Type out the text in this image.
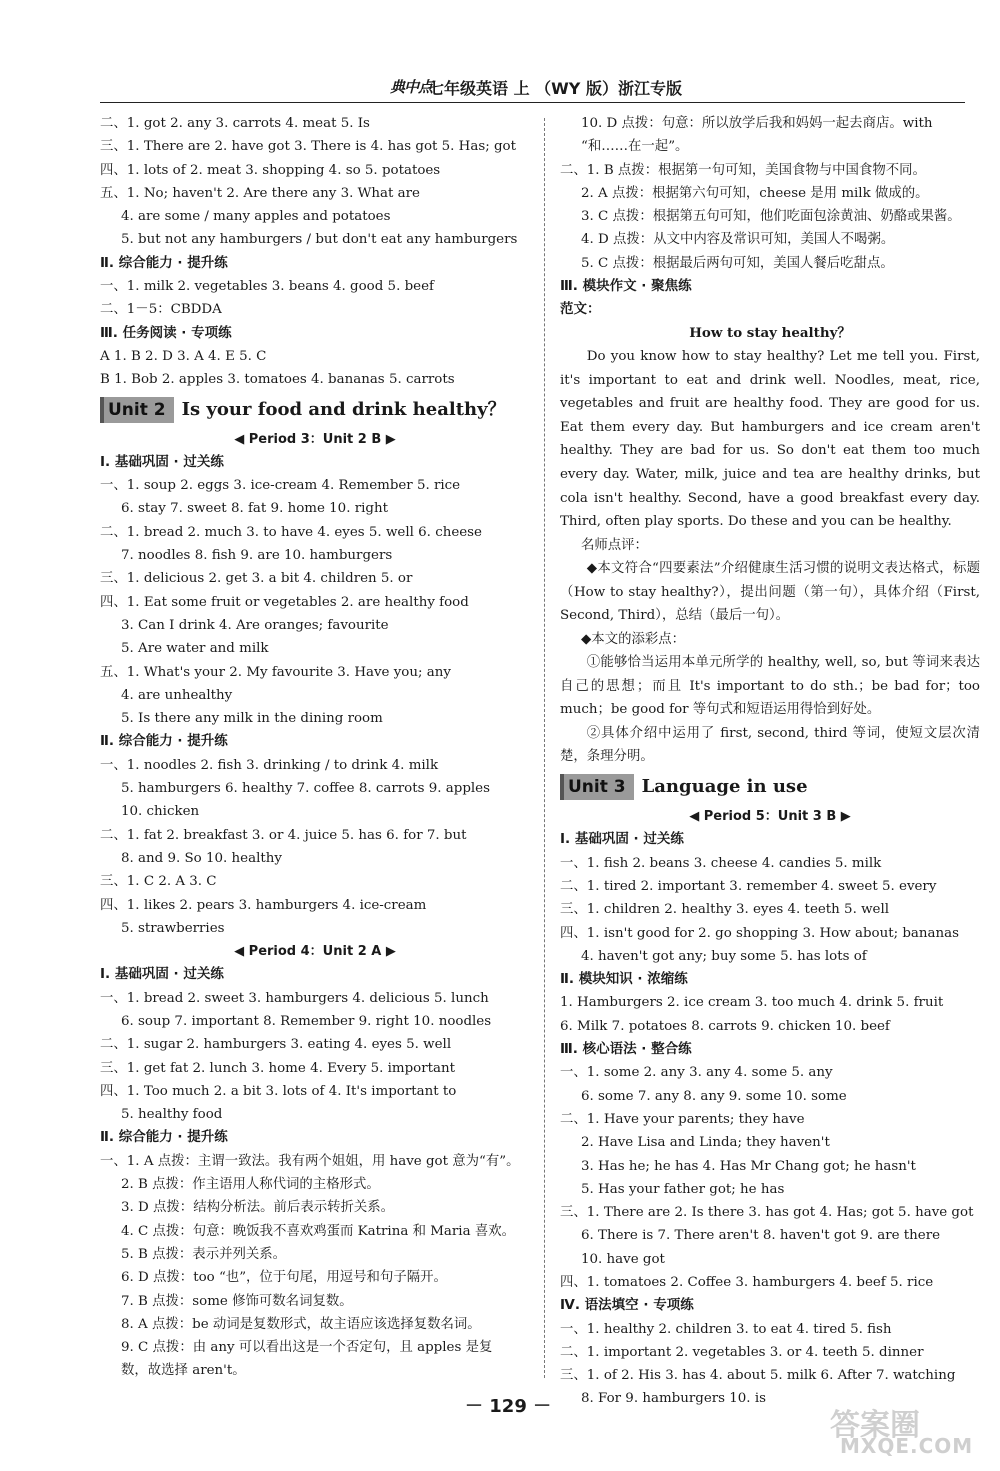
典中点
七年级英语 上 （WY 版）浙江专版
二、1. got 2. any 3. carrots 4. meat 5. Is
三、1. There are 2. have got 3. There is 4. has got 5. Has; got
四、1. lots of 2. meat 3. shopping 4. so 5. potatoes
五、1. No; haven't 2. Are there any 3. What are
4. are some / many apples and potatoes
5. but not any hamburgers / but don't eat any hamburgers
Ⅱ. 综合能力 · 提升练
一、1. milk 2. vegetables 3. beans 4. good 5. beef
二、1－5：CBDDA
Ⅲ. 任务阅读 · 专项练
A 1. B 2. D 3. A 4. E 5. C
B 1. Bob 2. apples 3. tomatoes 4. bananas 5. carrots
Unit 2 Is your food and drink healthy？
◀ Period 3：Unit 2 B ▶
Ⅰ. 基础巩固 · 过关练
一、1. soup 2. eggs 3. ice-cream 4. Remember 5. rice
6. stay 7. sweet 8. fat 9. home 10. right
二、1. bread 2. much 3. to have 4. eyes 5. well 6. cheese
7. noodles 8. fish 9. are 10. hamburgers
三、1. delicious 2. get 3. a bit 4. children 5. or
四、1. Eat some fruit or vegetables 2. are healthy food
3. Can I drink 4. Are oranges; favourite
5. Are water and milk
五、1. What's your 2. My favourite 3. Have you; any
4. are unhealthy
5. Is there any milk in the dining room
Ⅱ. 综合能力 · 提升练
一、1. noodles 2. fish 3. drinking / to drink 4. milk
5. hamburgers 6. healthy 7. coffee 8. carrots 9. apples
10. chicken
二、1. fat 2. breakfast 3. or 4. juice 5. has 6. for 7. but
8. and 9. So 10. healthy
三、1. C 2. A 3. C
四、1. likes 2. pears 3. hamburgers 4. ice-cream
5. strawberries
◀ Period 4：Unit 2 A ▶
Ⅰ. 基础巩固 · 过关练
一、1. bread 2. sweet 3. hamburgers 4. delicious 5. lunch
6. soup 7. important 8. Remember 9. right 10. noodles
二、1. sugar 2. hamburgers 3. eating 4. eyes 5. well
三、1. get fat 2. lunch 3. home 4. Every 5. important
四、1. Too much 2. a bit 3. lots of 4. It's important to
5. healthy food
Ⅱ. 综合能力 · 提升练
一、1. A 点拨：主谓一致法。我有两个姐姐，用 have got 意为“有”。
2. B 点拨：作主语用人称代词的主格形式。
3. D 点拨：结构分析法。前后表示转折关系。
4. C 点拨：句意：晚饭我不喜欢鸡蛋而 Katrina 和 Maria 喜欢。
5. B 点拨：表示并列关系。
6. D 点拨：too “也”，位于句尾，用逗号和句子隔开。
7. B 点拨：some 修饰可数名词复数。
8. A 点拨：be 动词是复数形式，故主语应该选择复数名词。
9. C 点拨：由 any 可以看出这是一个否定句，且 apples 是复
数，故选择 aren't。
10. D 点拨：句意：所以放学后我和妈妈一起去商店。with
“和……在一起”。
二、1. B 点拨：根据第一句可知，美国食物与中国食物不同。
2. A 点拨：根据第六句可知，cheese 是用 milk 做成的。
3. C 点拨：根据第五句可知，他们吃面包涂黄油、奶酪或果酱。
4. D 点拨：从文中内容及常识可知，美国人不喝粥。
5. C 点拨：根据最后两句可知，美国人餐后吃甜点。
Ⅲ. 模块作文 · 聚焦练
范文：
How to stay healthy？
Do you know how to stay healthy? Let me tell you. First, it's important to eat and drink well. Noodles, meat, rice, vegetables and fruit are healthy food. They are good for us. Eat them every day. But hamburgers and ice cream aren't healthy. They are bad for us. So don't eat them too much every day. Water, milk, juice and tea are healthy drinks, but cola isn't healthy. Second, have a good breakfast every day. Third, often play sports. Do these and you can be healthy.
名师点评：
◆本文符合“四要素法”介绍健康生活习惯的说明文表达格式，标题（How to stay healthy?），提出问题（第一句），具体介绍（First, Second, Third），总结（最后一句）。
◆本文的添彩点：
①能够恰当运用本单元所学的 healthy, well, so, but 等词来表达自己的思想；而且 It's important to do sth.；be bad for；too much；be good for 等句式和短语运用得恰到好处。
②具体介绍中运用了 first, second, third 等词，使短文层次清楚，条理分明。
Unit 3 Language in use
◀ Period 5：Unit 3 B ▶
Ⅰ. 基础巩固 · 过关练
一、1. fish 2. beans 3. cheese 4. candies 5. milk
二、1. tired 2. important 3. remember 4. sweet 5. every
三、1. children 2. healthy 3. eyes 4. teeth 5. well
四、1. isn't good for 2. go shopping 3. How about; bananas
4. haven't got any; buy some 5. has lots of
Ⅱ. 模块知识 · 浓缩练
1. Hamburgers 2. ice cream 3. too much 4. drink 5. fruit
6. Milk 7. potatoes 8. carrots 9. chicken 10. beef
Ⅲ. 核心语法 · 整合练
一、1. some 2. any 3. any 4. some 5. any
6. some 7. any 8. any 9. some 10. some
二、1. Have your parents; they have
2. Have Lisa and Linda; they haven't
3. Has he; he has 4. Has Mr Chang got; he hasn't
5. Has your father got; he has
三、1. There are 2. Is there 3. has got 4. Has; got 5. have got
6. There is 7. There aren't 8. haven't got 9. are there
10. have got
四、1. tomatoes 2. Coffee 3. hamburgers 4. beef 5. rice
Ⅳ. 语法填空 · 专项练
一、1. healthy 2. children 3. to eat 4. tired 5. fish
二、1. important 2. vegetables 3. or 4. teeth 5. dinner
三、1. of 2. His 3. has 4. about 5. milk 6. After 7. watching
8. For 9. hamburgers 10. is
－ 129 －
答案圈
MXQE.COM
